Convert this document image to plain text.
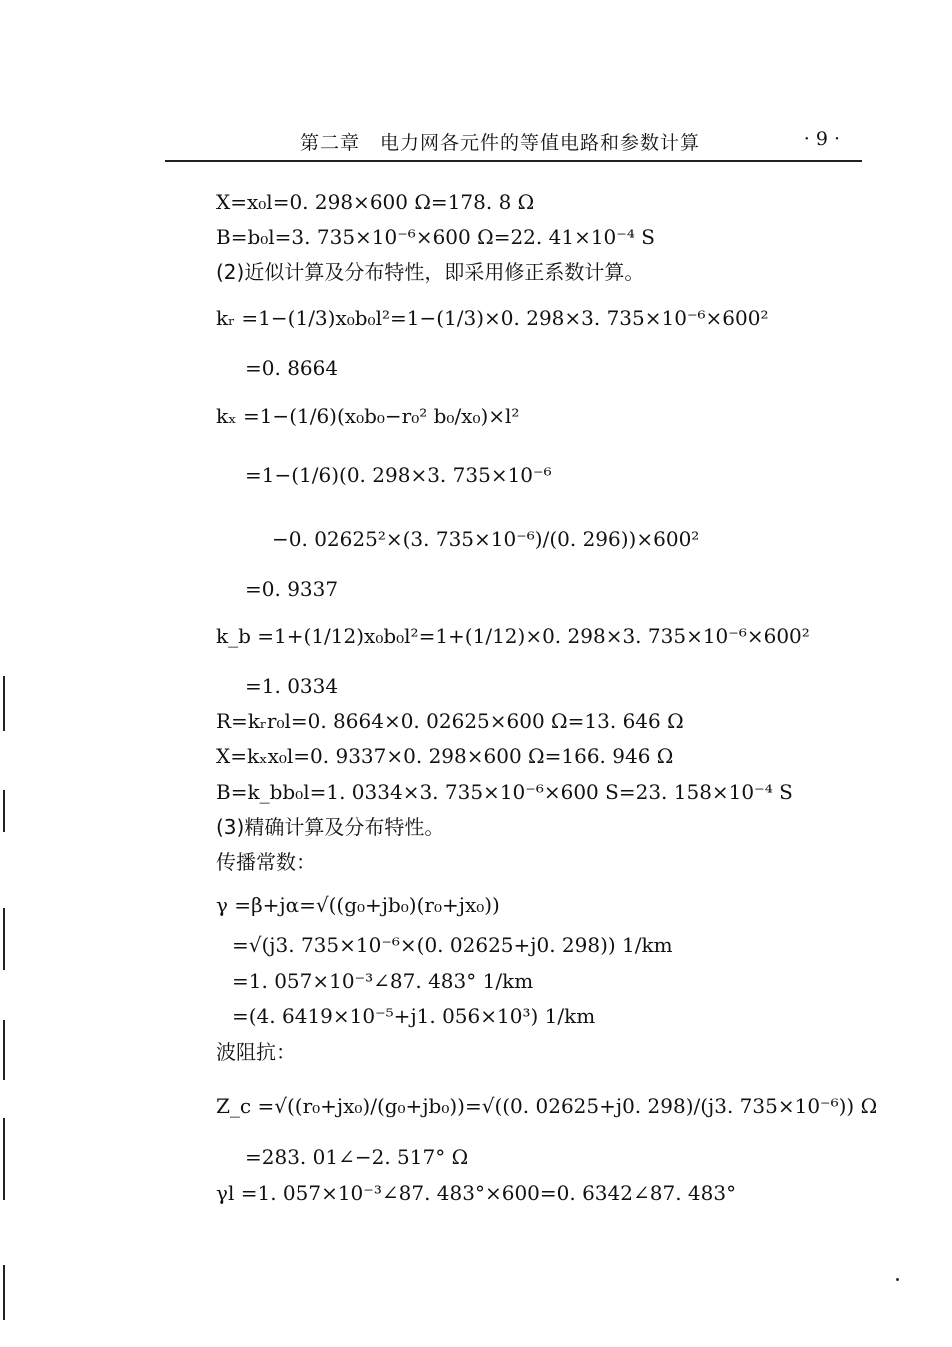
第二章　电力网各元件的等值电路和参数计算	· 9 ·
X=x₀l=0. 298×600 Ω=178. 8 Ω
B=b₀l=3. 735×10⁻⁶×600 Ω=22. 41×10⁻⁴ S
(2)近似计算及分布特性，即采用修正系数计算。
kᵣ =1−(1/3)x₀b₀l²=1−(1/3)×0. 298×3. 735×10⁻⁶×600²
=0. 8664
kₓ =1−(1/6)(x₀b₀−r₀² b₀/x₀)×l²
=1−(1/6)(0. 298×3. 735×10⁻⁶
−0. 02625²×(3. 735×10⁻⁶)/(0. 296))×600²
=0. 9337
k_b =1+(1/12)x₀b₀l²=1+(1/12)×0. 298×3. 735×10⁻⁶×600²
=1. 0334
R=kᵣr₀l=0. 8664×0. 02625×600 Ω=13. 646 Ω
X=kₓx₀l=0. 9337×0. 298×600 Ω=166. 946 Ω
B=k_bb₀l=1. 0334×3. 735×10⁻⁶×600 S=23. 158×10⁻⁴ S
(3)精确计算及分布特性。
传播常数：
γ =β+jα=√((g₀+jb₀)(r₀+jx₀))
=√(j3. 735×10⁻⁶×(0. 02625+j0. 298)) 1/km
=1. 057×10⁻³∠87. 483° 1/km
=(4. 6419×10⁻⁵+j1. 056×10³) 1/km
波阻抗：
Z_c =√((r₀+jx₀)/(g₀+jb₀))=√((0. 02625+j0. 298)/(j3. 735×10⁻⁶)) Ω
=283. 01∠−2. 517° Ω
γl =1. 057×10⁻³∠87. 483°×600=0. 6342∠87. 483°
